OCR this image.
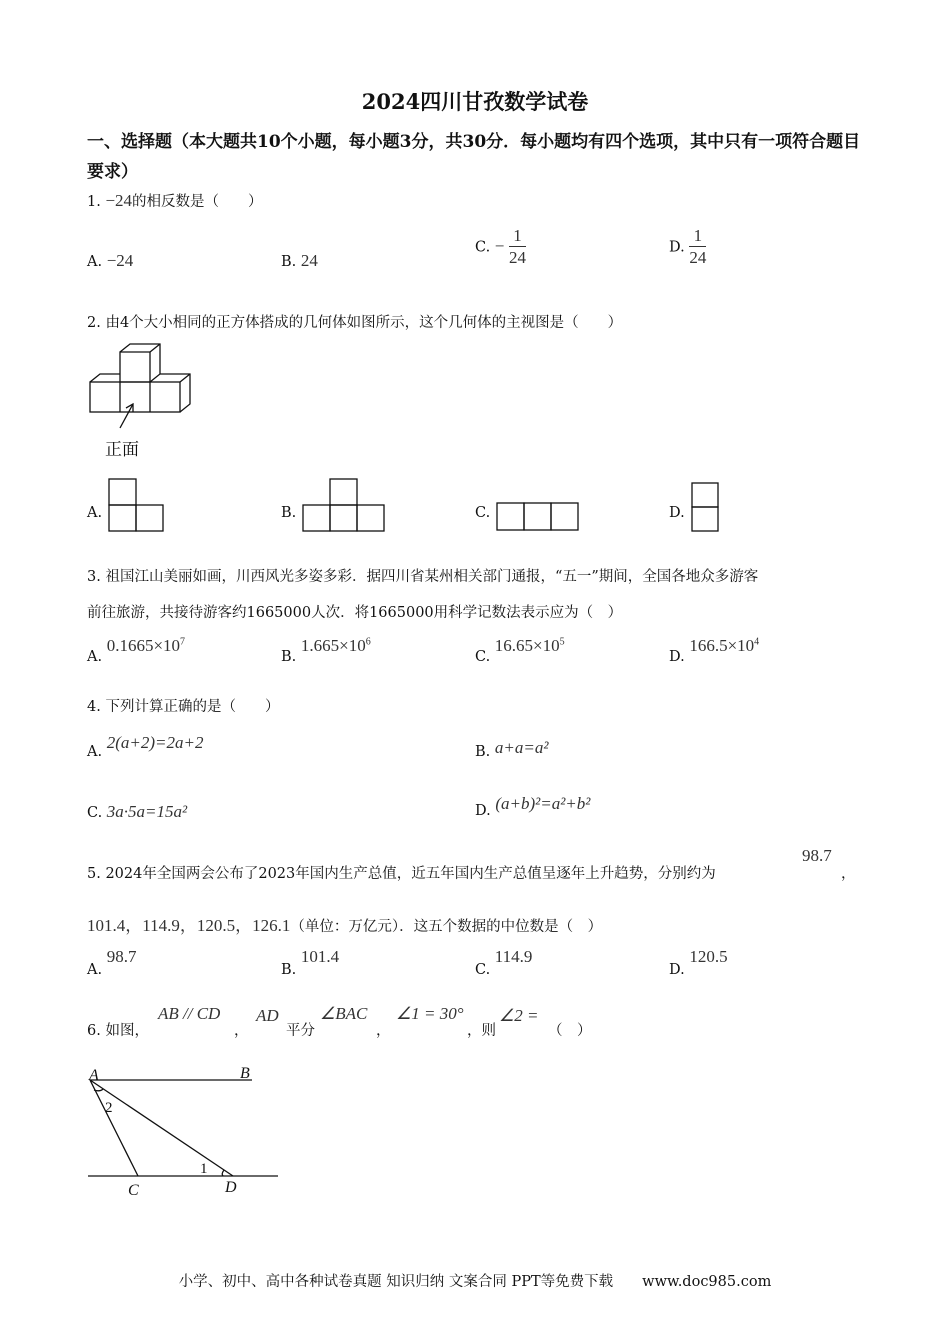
2024四川甘孜数学试卷
一、选择题（本大题共10个小题，每小题3分，共30分．每小题均有四个选项，其中只有一项符合题目要求）
1. −24的相反数是（　　）
A. −24	B. 24
C. − $\frac{1}{24}$	D. $\frac{1}{24}$
2. 由4个大小相同的正方体搭成的几何体如图所示，这个几何体的主视图是（　　）
正面
A.	B.	C.	D.
3. 祖国江山美丽如画，川西风光多姿多彩．据四川省某州相关部门通报，“五一”期间，全国各地众多游客
前往旅游，共接待游客约1665000人次．将1665000用科学记数法表示应为（　）
A. $0.1665\times 10^7$
B. $1.665\times 10^6$
C. $16.65\times 10^5$
D. $166.5\times 10^4$
4. 下列计算正确的是（　　）
A. 2(a+2)=2a+2	B. a+a=a²
C. 3a·5a=15a²	D. (a+b)²=a²+b²
5. 2024年全国两会公布了2023年国内生产总值，近五年国内生产总值呈逐年上升趋势，分别约为
98.7
，
101.4，114.9，120.5，126.1（单位：万亿元）．这五个数据的中位数是（　）
A. 98.7
B. 101.4
C. 114.9
D. 120.5
6. 如图，
AB // CD
，
AD
平分
∠BAC
，
∠1 = 30°
，则
∠2 =
（　）
A	B
C	D
1
2
小学、初中、高中各种试卷真题 知识归纳 文案合同 PPT等免费下载　　www.doc985.com
